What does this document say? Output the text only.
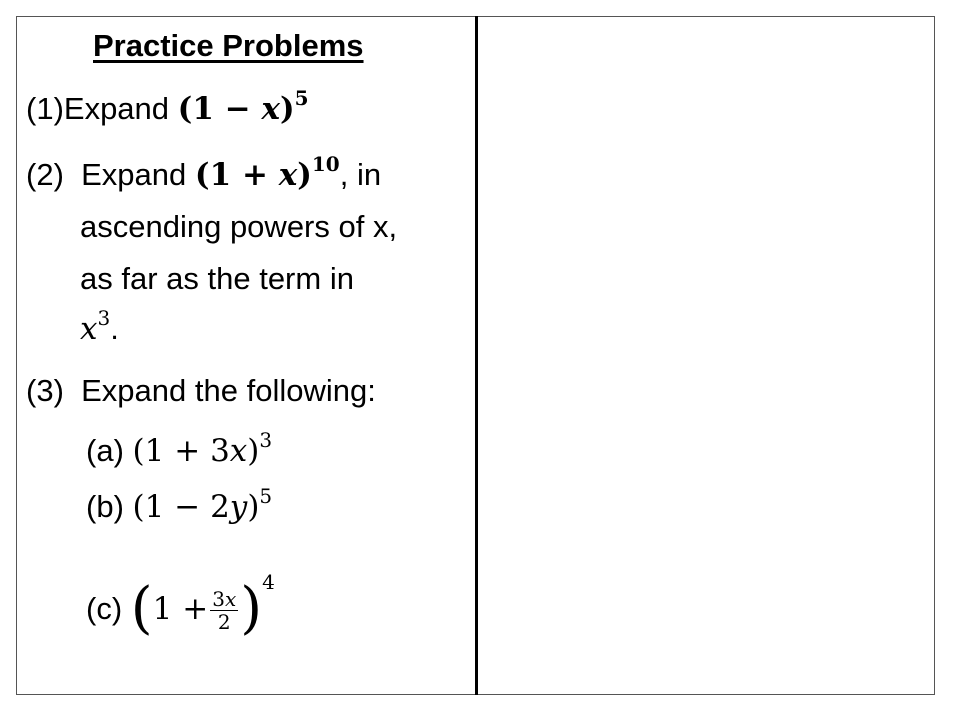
Practice Problems
(1)Expand $(1 - x)^5$
(2) Expand $(1 + x)^{10}$, in
ascending powers of x,
as far as the term in
$x^3$.
(3) Expand the following:
(a) $(1 + 3x)^3$
(b) $(1 - 2y)^5$
(c) $(1 + \frac{3x}{2} )^4$
